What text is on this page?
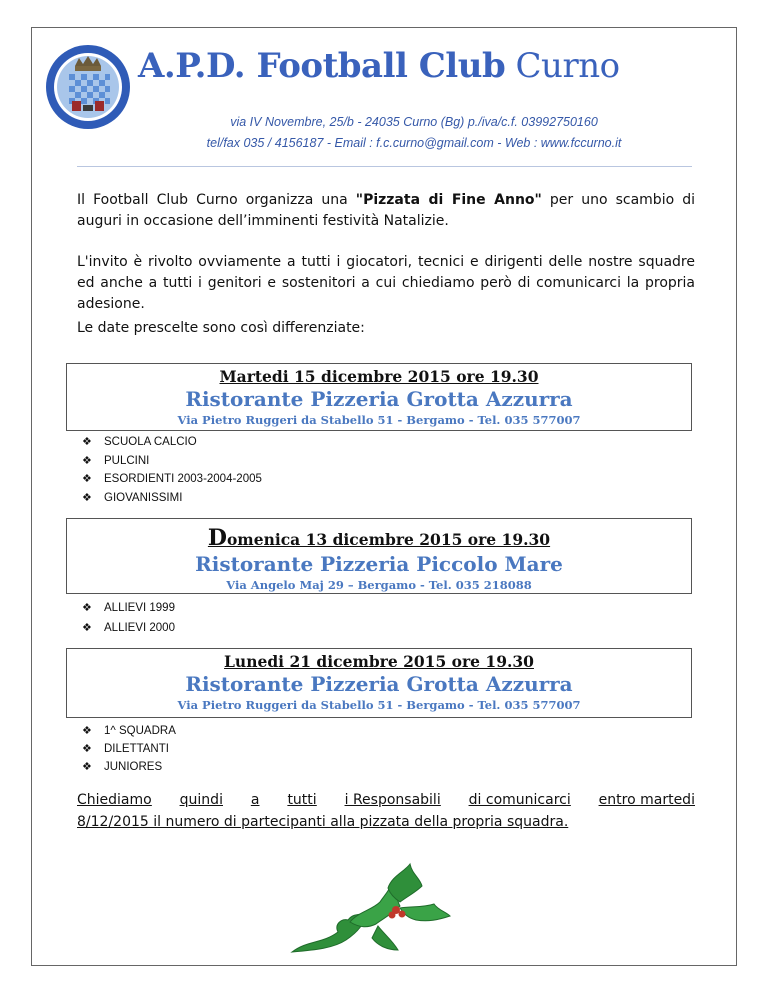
A.P.D. Football Club Curno
via IV Novembre, 25/b - 24035 Curno (Bg) p./iva/c.f. 03992750160
tel/fax 035 / 4156187 - Email : f.c.curno@gmail.com - Web : www.fccurno.it
Il Football Club Curno organizza una "Pizzata di Fine Anno" per uno scambio di auguri in occasione dell’imminenti festività Natalizie.
L'invito è rivolto ovviamente a tutti i giocatori, tecnici e dirigenti delle nostre squadre ed anche a tutti i genitori e sostenitori a cui chiediamo però di comunicarci la propria adesione.
Le date prescelte sono così differenziate:
Martedi 15 dicembre 2015 ore 19.30
Ristorante Pizzeria Grotta Azzurra
Via Pietro Ruggeri da Stabello 51 - Bergamo - Tel. 035 577007
❖ SCUOLA CALCIO
❖ PULCINI
❖ ESORDIENTI 2003-2004-2005
❖ GIOVANISSIMI
Domenica 13 dicembre 2015 ore 19.30
Ristorante Pizzeria Piccolo Mare
Via Angelo Maj 29 – Bergamo - Tel. 035 218088
❖ ALLIEVI 1999
❖ ALLIEVI 2000
Lunedi 21 dicembre 2015 ore 19.30
Ristorante Pizzeria Grotta Azzurra
Via Pietro Ruggeri da Stabello 51 - Bergamo - Tel. 035 577007
❖ 1^ SQUADRA
❖ DILETTANTI
❖ JUNIORES
Chiediamo quindi a tutti i Responsabili di comunicarci entro martedi
8/12/2015 il numero di partecipanti alla pizzata della propria squadra.
